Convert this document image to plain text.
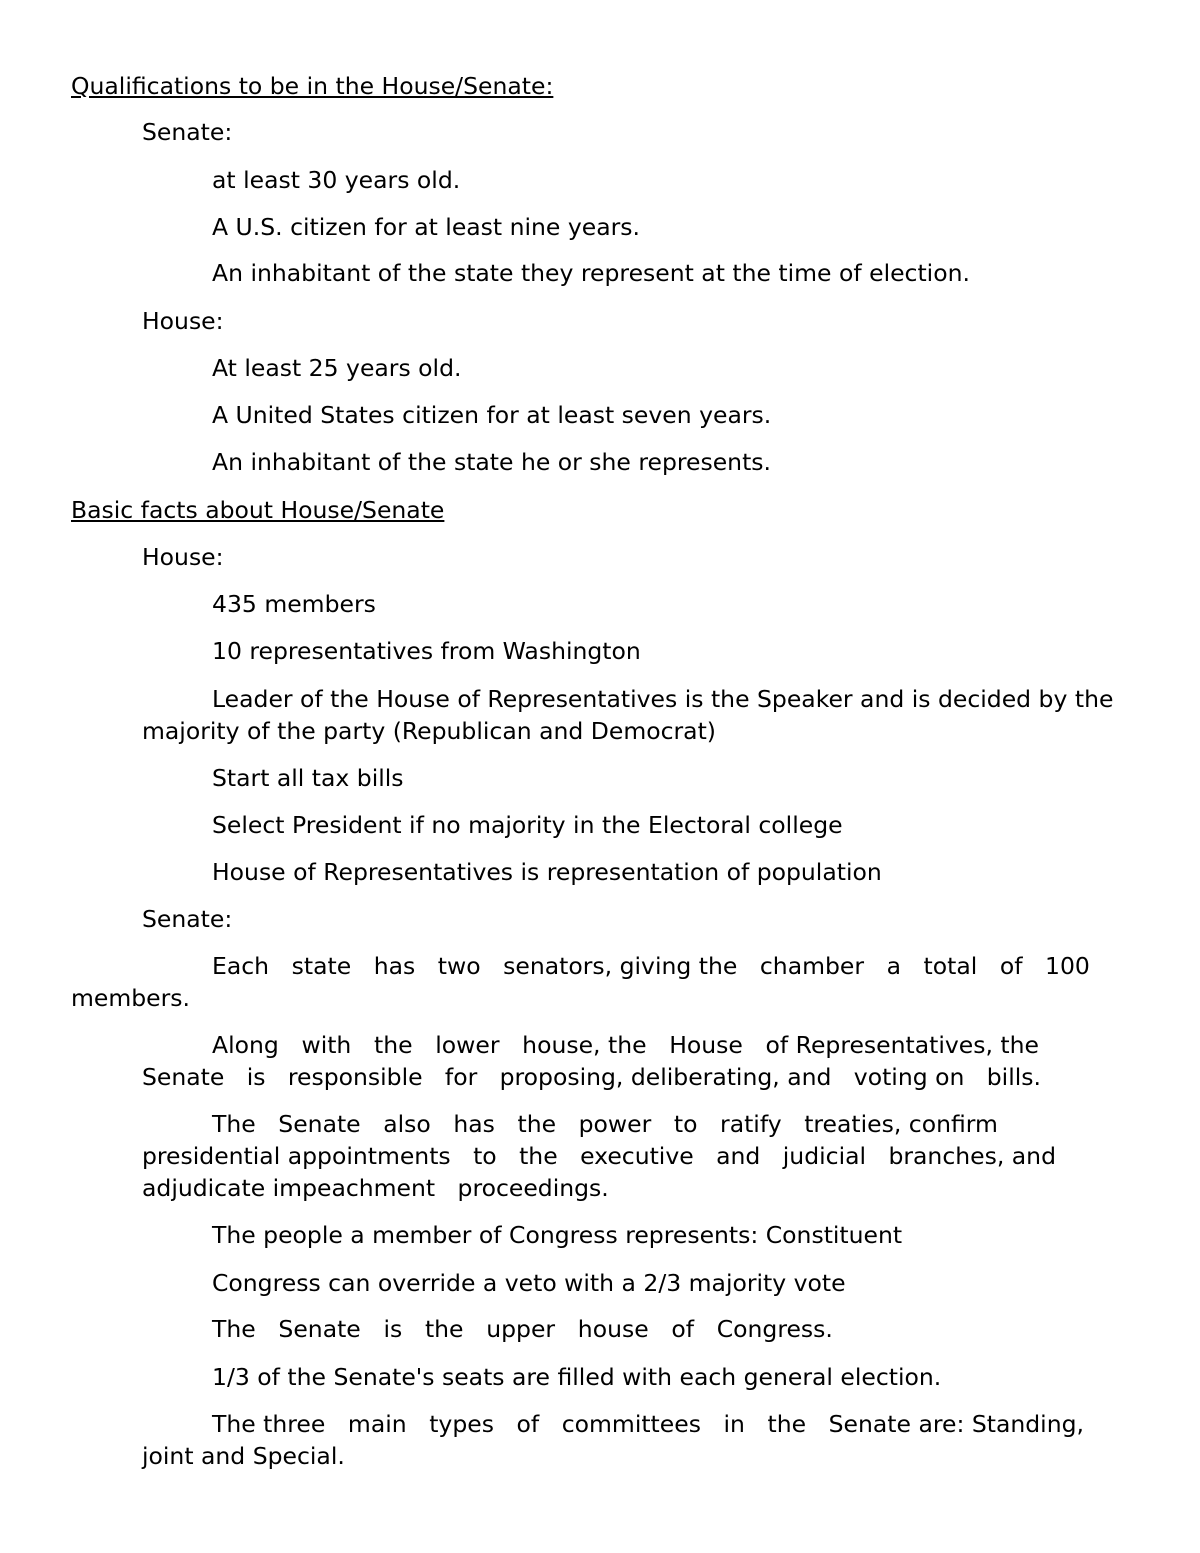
Qualifications to be in the House/Senate:
Senate:
at least 30 years old.
A U.S. citizen for at least nine years.
An inhabitant of the state they represent at the time of election.
House:
At least 25 years old.
A United States citizen for at least seven years.
An inhabitant of the state he or she represents.
Basic facts about House/Senate
House:
435 members
10 representatives from Washington
Leader of the House of Representatives is the Speaker and is decided by the
majority of the party (Republican and Democrat)
Start all tax bills
Select President if no majority in the Electoral college
House of Representatives is representation of population
Senate:
Each state has two senators, giving the chamber a total of 100
members.
Along with the lower house, the House of Representatives, the
Senate is responsible for proposing, deliberating, and voting on bills.
The Senate also has the power to ratify treaties, confirm
presidential appointments to the executive and judicial branches, and
adjudicate impeachment   proceedings.
The people a member of Congress represents: Constituent
Congress can override a veto with a 2/3 majority vote
The Senate is the upper house of Congress.
1/3 of the Senate's seats are filled with each general election.
The three main types of committees in the Senate are: Standing,
joint and Special.
